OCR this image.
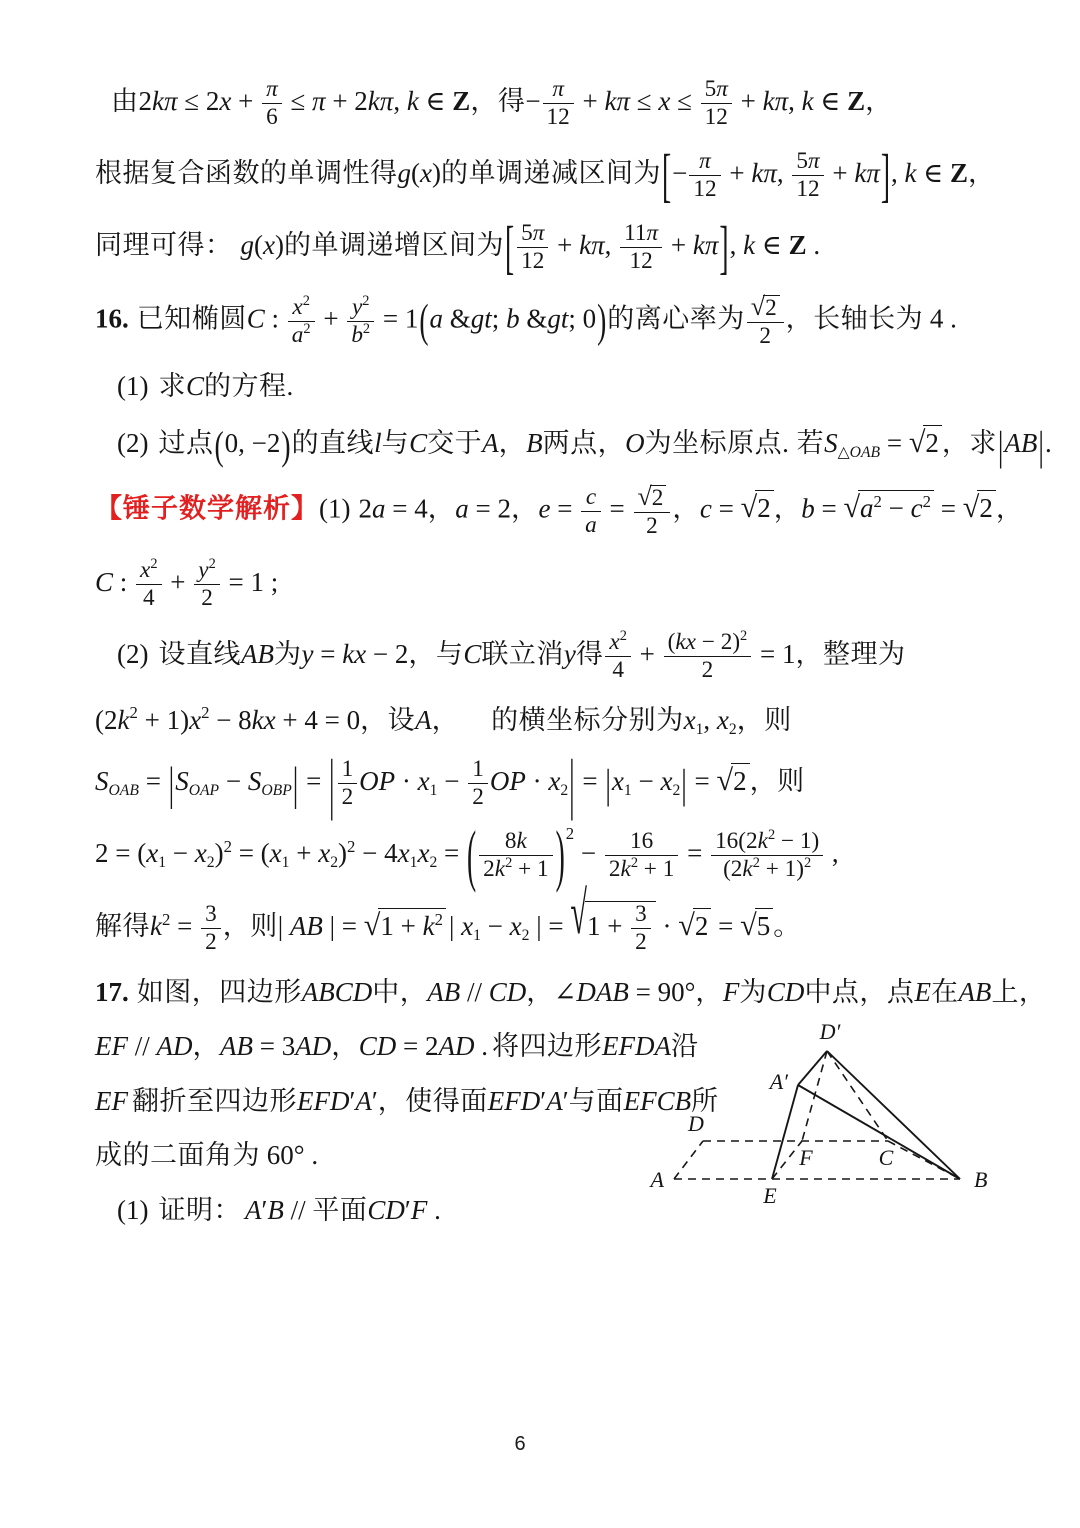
由$2k\pi \le 2x + \frac{\pi}{6} \le \pi + 2k\pi$, k ∈ Z，得− $\frac{\pi}{12} + k\pi \le x \le \frac{5\pi}{12} + k\pi$, k ∈ Z，
根据复合函数的单调性得g(x)的单调递减区间为[− $\frac{\pi}{12} + k\pi$, $\frac{5\pi}{12} + k\pi$], k ∈ Z，
同理可得： g(x)的单调递增区间为[ $\frac{5\pi}{12} + k\pi$, $\frac{11\pi}{12} + k\pi$], k ∈ Z .
16. 已知椭圆C : $\frac{x2}{a2} + \frac{y2}{b2} = 1(a$ &gt; b &gt; 0)的离心率为 $\frac{√2}{2}$ ，长轴长为 4 .
(1) 求C的方程.
(2) 过点(0, −2)的直线l与C交于A，B两点，O为坐标原点. 若S△OAB = √2 ，求|AB|.
【锤子数学解析】(1) 2a = 4，a = 2，$e = \frac{c}{a} = \frac{√2}{2}$ ，c = √2 ，b = √a2 − c2 = √2 ，
C : $\frac{x2}{4} + \frac{y2}{2} = 1$ ;
(2) 设直线AB为y = kx − 2，与C联立消y得 $\frac{x2}{4} + \frac{(kx - 2)2}{2} = 1$，整理为
(2k2 + 1)x2 − 8kx + 4 = 0，设A， 的横坐标分别为x1, x2，则
SOAB = |SOAP − SOBP| = | $\frac{1}{2}$ OP · $x1 - \frac{1}{2}$ OP · x2| = |x1 − x2| = √2 ，则
2 = (x1 − x2)2 = (x1 + x2)2 − 4x1x2 = ( $\frac{8k}{2k2 + 1} )2 - \frac{16}{2k2 + 1} = \frac{16(2k2 - 1)}{(2k2 + 1)2}$ ,
解得$k2 = \frac{3}{2}$ ，则| AB | = √1 + k2 | x1 − x2 | = $√1 + \frac{3}{2} \cdot √2 = √5$ 。
17. 如图，四边形ABCD中，AB // CD，∠DAB = 90°，F为CD中点，点E在AB上，
EF // AD，AB = 3AD，CD = 2AD . 将四边形EFDA沿
EF 翻折至四边形EFD′A′，使得面EFD′A′与面EFCB所
成的二面角为 60° .
(1) 证明： A′B // 平面CD′F .
D′
A′
D
F	C
A
E
B
6
